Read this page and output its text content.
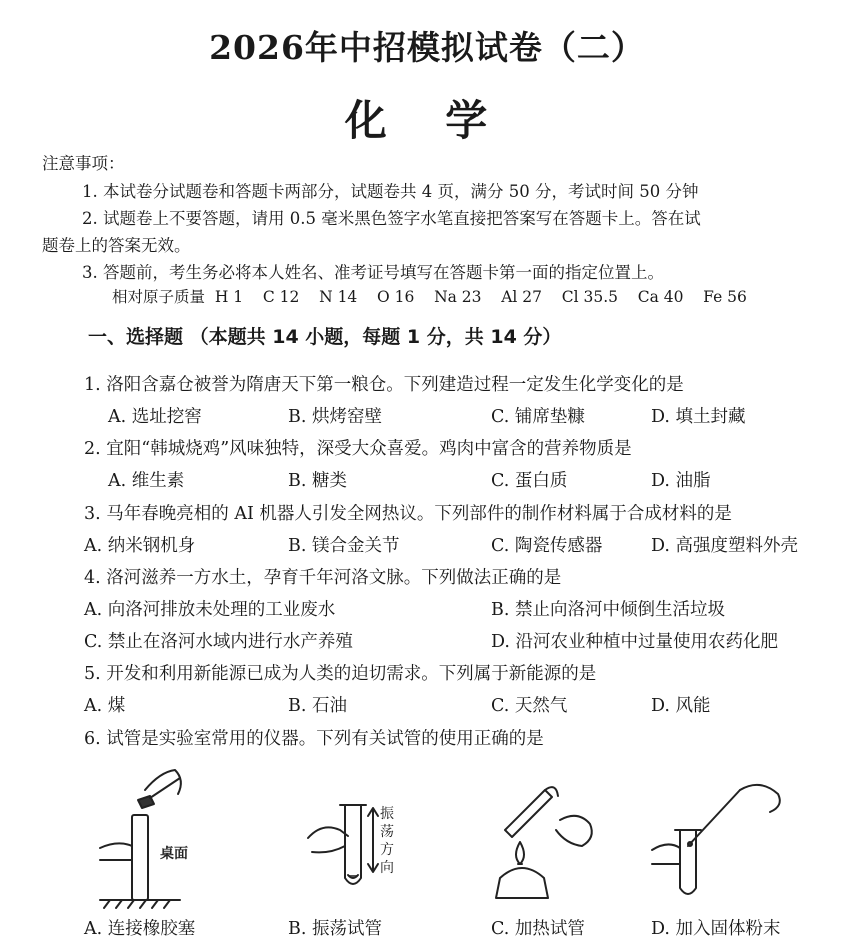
2026年中招模拟试卷（二）
化 学
注意事项：
1. 本试卷分试题卷和答题卡两部分，试题卷共 4 页，满分 50 分，考试时间 50 分钟
2. 试题卷上不要答题，请用 0.5 毫米黑色签字水笔直接把答案写在答题卡上。答在试
题卷上的答案无效。
3. 答题前，考生务必将本人姓名、准考证号填写在答题卡第一面的指定位置上。
相对原子质量  H 1    C 12    N 14    O 16    Na 23    Al 27    Cl 35.5    Ca 40    Fe 56
一、选择题 （本题共 14 小题，每题 1 分，共 14 分）
1. 洛阳含嘉仓被誉为隋唐天下第一粮仓。下列建造过程一定发生化学变化的是
A. 选址挖窖	B. 烘烤窑壁	C. 铺席垫糠	D. 填土封藏
2. 宜阳“韩城烧鸡”风味独特，深受大众喜爱。鸡肉中富含的营养物质是
A. 维生素	B. 糖类	C. 蛋白质	D. 油脂
3. 马年春晚亮相的 AI 机器人引发全网热议。下列部件的制作材料属于合成材料的是
A. 纳米钢机身	B. 镁合金关节	C. 陶瓷传感器	D. 高强度塑料外壳
4. 洛河滋养一方水土，孕育千年河洛文脉。下列做法正确的是
A. 向洛河排放未处理的工业废水	B. 禁止向洛河中倾倒生活垃圾
C. 禁止在洛河水域内进行水产养殖	D. 沿河农业种植中过量使用农药化肥
5. 开发和利用新能源已成为人类的迫切需求。下列属于新能源的是
A. 煤	B. 石油	C. 天然气	D. 风能
6. 试管是实验室常用的仪器。下列有关试管的使用正确的是
桌面
振 荡 方 向
A. 连接橡胶塞	B. 振荡试管	C. 加热试管	D. 加入固体粉末
